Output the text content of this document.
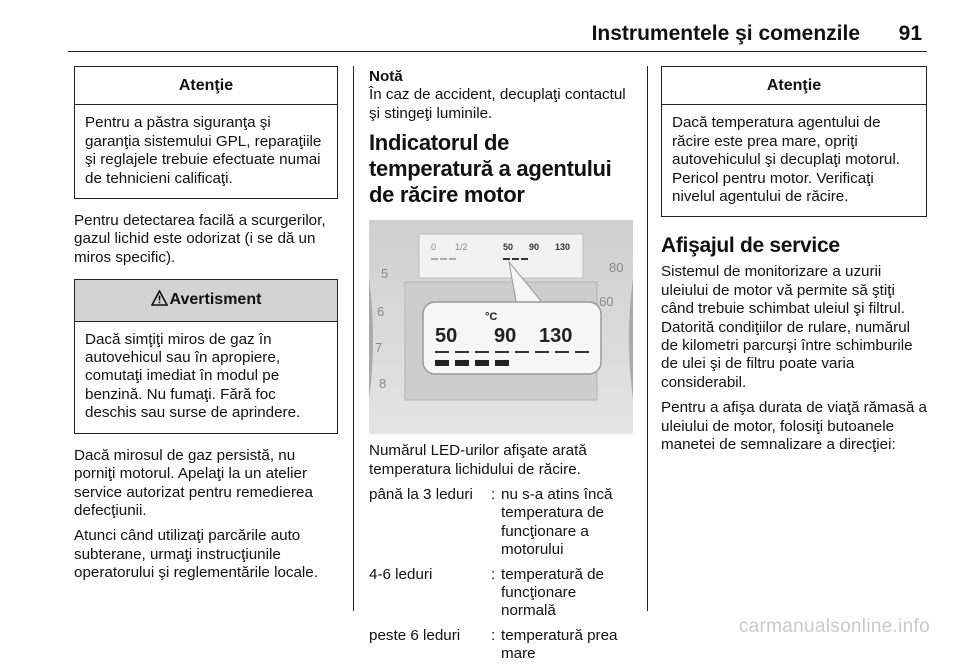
Instrumentele şi comenzile 91
Atenţie
Pentru a păstra siguranţa şi garanţia sistemului GPL, reparaţiile şi reglajele trebuie efectuate numai de tehnicieni calificaţi.

Pentru detectarea facilă a scurgerilor, gazul lichid este odorizat (i se dă un miros specific).

Avertisment
Dacă simţiţi miros de gaz în autovehicul sau în apropiere, comutaţi imediat în modul pe benzină. Nu fumaţi. Fără foc deschis sau surse de aprindere.

Dacă mirosul de gaz persistă, nu porniţi motorul. Apelaţi la un atelier service autorizat pentru remedierea defecţiunii.

Atunci când utilizaţi parcările auto subterane, urmaţi instrucţiunile operatorului şi reglementările locale.

Notă

În caz de accident, decuplaţi contactul şi stingeţi luminile.

Indicatorul de temperatură a agentului de răcire motor
0 1/2	50 90 130
°C
50 90 130
5
6
7
8
60
80

Numărul LED-urilor afişate arată temperatura lichidului de răcire.

până la 3 leduri	:	nu s-a atins încă temperatura de funcţionare a motorului
4-6 leduri	:	temperatură de funcţionare normală
peste 6 leduri	:	temperatură prea mare
Atenţie
Dacă temperatura agentului de răcire este prea mare, opriţi autovehiculul şi decuplaţi motorul. Pericol pentru motor. Verificaţi nivelul agentului de răcire.
Afişajul de service

Sistemul de monitorizare a uzurii uleiului de motor vă permite să ştiţi când trebuie schimbat uleiul şi filtrul. Datorită condiţiilor de rulare, numărul de kilometri parcurşi între schimburile de ulei şi de filtru poate varia considerabil.

Pentru a afişa durata de viaţă rămasă a uleiului de motor, folosiţi butoanele manetei de semnalizare a direcţiei:

carmanualsonline.info
